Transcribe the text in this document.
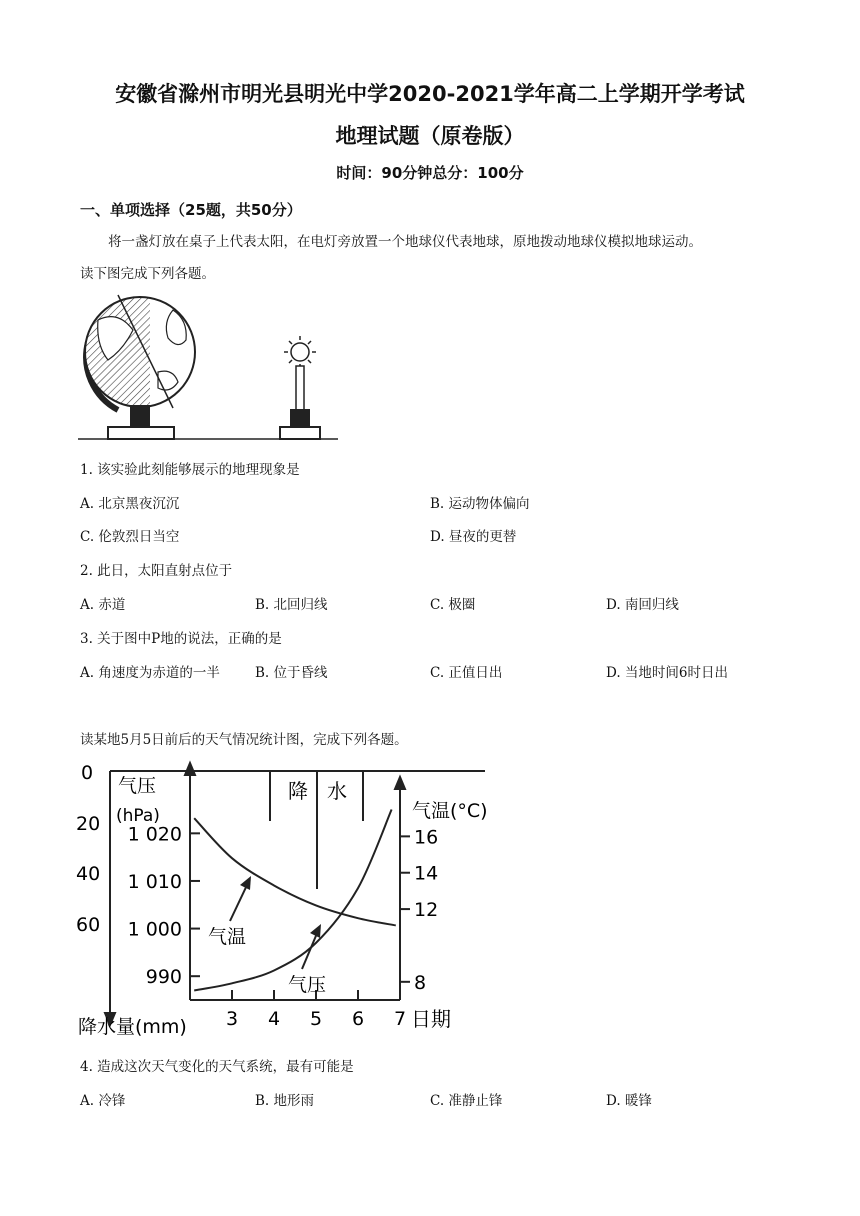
安徽省滁州市明光县明光中学2020-2021学年高二上学期开学考试
地理试题（原卷版）
时间：90分钟总分：100分
一、单项选择（25题，共50分）
将一盏灯放在桌子上代表太阳，在电灯旁放置一个地球仪代表地球，原地拨动地球仪模拟地球运动。
读下图完成下列各题。
1. 该实验此刻能够展示的地理现象是
A. 北京黑夜沉沉	B. 运动物体偏向
C. 伦敦烈日当空	D. 昼夜的更替
2. 此日，太阳直射点位于
A. 赤道	B. 北回归线	C. 极圈	D. 南回归线
3. 关于图中P地的说法，正确的是
A. 角速度为赤道的一半	B. 位于昏线	C. 正值日出	D. 当地时间6时日出
读某地5月5日前后的天气情况统计图，完成下列各题。
3 4 5 6 7
1 020
1 010
1 000
990
16
14
12
8
0
20
40
60
气压
(hPa)	气温(°C)
降 水
降水量(mm)	日期
气温
气压
4. 造成这次天气变化的天气系统，最有可能是
A. 冷锋	B. 地形雨	C. 准静止锋	D. 暖锋
